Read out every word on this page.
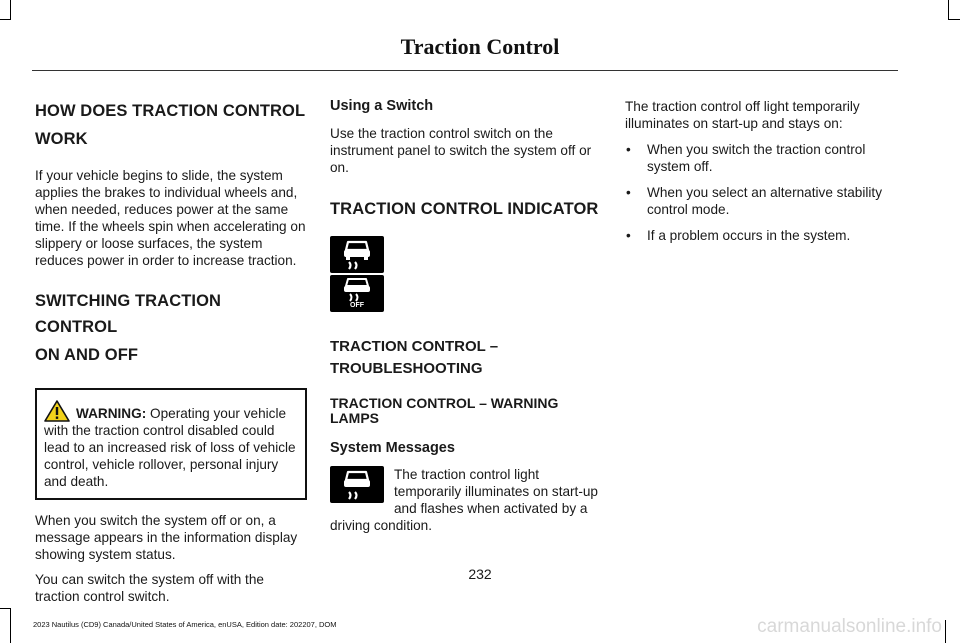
Traction Control
HOW DOES TRACTION CONTROL
WORK

If your vehicle begins to slide, the system applies the brakes to individual wheels and, when needed, reduces power at the same time. If the wheels spin when accelerating on slippery or loose surfaces, the system reduces power in order to increase traction.

SWITCHING TRACTION CONTROL
ON AND OFF

WARNING: Operating your vehicle with the traction control disabled could lead to an increased risk of loss of vehicle control, vehicle rollover, personal injury and death.

When you switch the system off or on, a message appears in the information display showing system status.

You can switch the system off with the traction control switch.

Using a Switch

Use the traction control switch on the instrument panel to switch the system off or on.

TRACTION CONTROL INDICATOR
OFF
TRACTION CONTROL –
TROUBLESHOOTING
TRACTION CONTROL – WARNING LAMPS
System Messages

The traction control light temporarily illuminates on start-up and flashes when activated by a
driving condition.

The traction control off light temporarily illuminates on start-up and stays on:

• When you switch the traction control system off.
• When you select an alternative stability control mode.
• If a problem occurs in the system.
232
2023 Nautilus (CD9) Canada/United States of America, enUSA, Edition date: 202207, DOM	carmanualsonline.info
